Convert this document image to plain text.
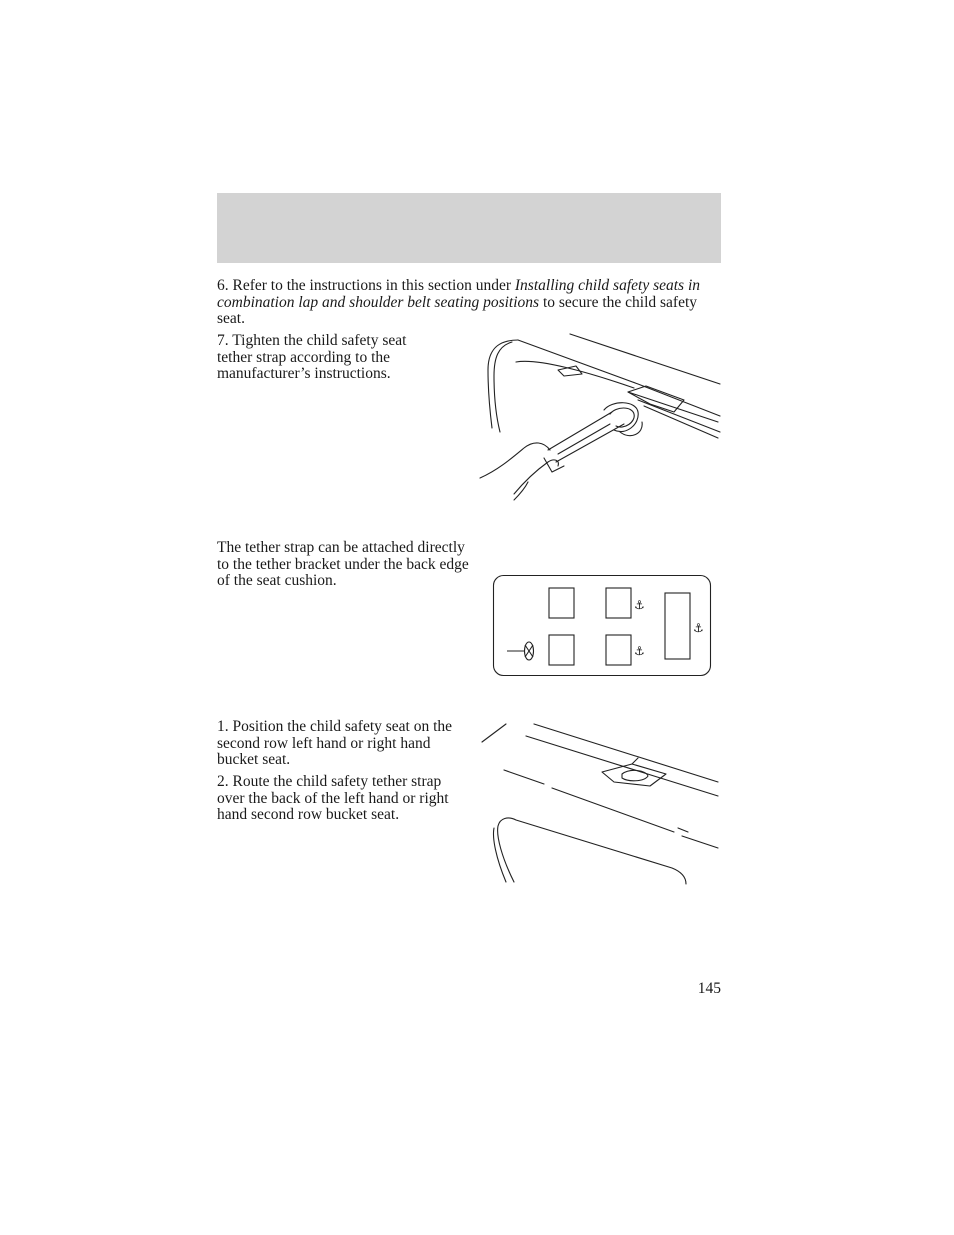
6. Refer to the instructions in this section under Installing child safety seats in combination lap and shoulder belt seating positions to secure the child safety seat.

7. Tighten the child safety seat tether strap according to the manufacturer’s instructions.

The tether strap can be attached directly to the tether bracket under the back edge of the seat cushion.

⚓
⚓
⚓

1. Position the child safety seat on the second row left hand or right hand bucket seat.

2. Route the child safety tether strap over the back of the left hand or right hand second row bucket seat.

145
